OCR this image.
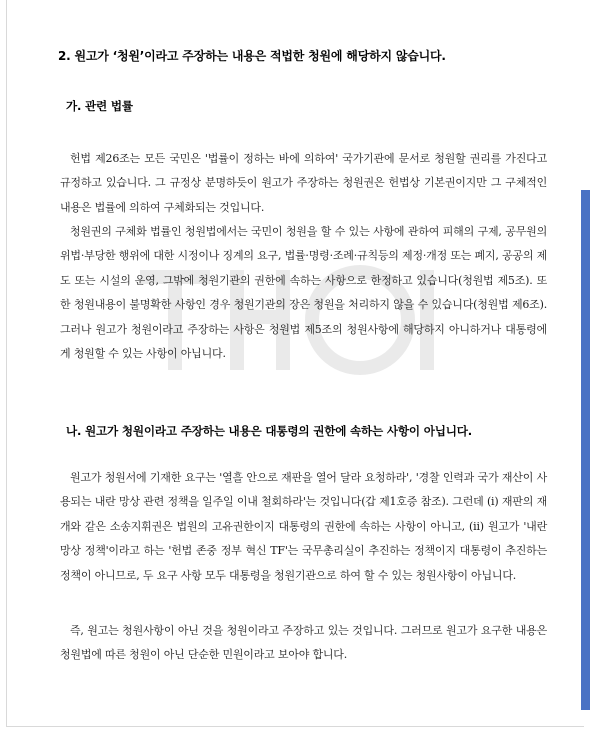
2. 원고가 ‘청원’이라고 주장하는 내용은 적법한 청원에 해당하지 않습니다.
가. 관련 법률

헌법 제26조는 모든 국민은 '법률이 정하는 바에 의하여' 국가기관에 문서로 청원할 권리를 가진다고 규정하고 있습니다. 그 규정상 분명하듯이 원고가 주장하는 청원권은 헌법상 기본권이지만 그 구체적인 내용은 법률에 의하여 구체화되는 것입니다.

청원권의 구체화 법률인 청원법에서는 국민이 청원을 할 수 있는 사항에 관하여 피해의 구제, 공무원의 위법·부당한 행위에 대한 시정이나 징계의 요구, 법률·명령·조례·규칙등의 제정·개정 또는 폐지, 공공의 제도 또는 시설의 운영, 그밖에 청원기관의 권한에 속하는 사항으로 한정하고 있습니다(청원법 제5조). 또한 청원내용이 불명확한 사항인 경우 청원기관의 장은 청원을 처리하지 않을 수 있습니다(청원법 제6조). 그러나 원고가 청원이라고 주장하는 사항은 청원법 제5조의 청원사항에 해당하지 아니하거나 대통령에게 청원할 수 있는 사항이 아닙니다.

나. 원고가 청원이라고 주장하는 내용은 대통령의 권한에 속하는 사항이 아닙니다.

원고가 청원서에 기재한 요구는 '열흘 안으로 재판을 열어 달라 요청하라', '경찰 인력과 국가 재산이 사용되는 내란 망상 관련 정책을 일주일 이내 철회하라'는 것입니다(갑 제1호증 참조). 그런데 (i) 재판의 재개와 같은 소송지휘권은 법원의 고유권한이지 대통령의 권한에 속하는 사항이 아니고, (ii) 원고가 '내란 망상 정책'이라고 하는 '헌법 존중 정부 혁신 TF'는 국무총리실이 추진하는 정책이지 대통령이 추진하는 정책이 아니므로, 두 요구 사항 모두 대통령을 청원기관으로 하여 할 수 있는 청원사항이 아닙니다.

즉, 원고는 청원사항이 아닌 것을 청원이라고 주장하고 있는 것입니다. 그러므로 원고가 요구한 내용은 청원법에 따른 청원이 아닌 단순한 민원이라고 보아야 합니다.
